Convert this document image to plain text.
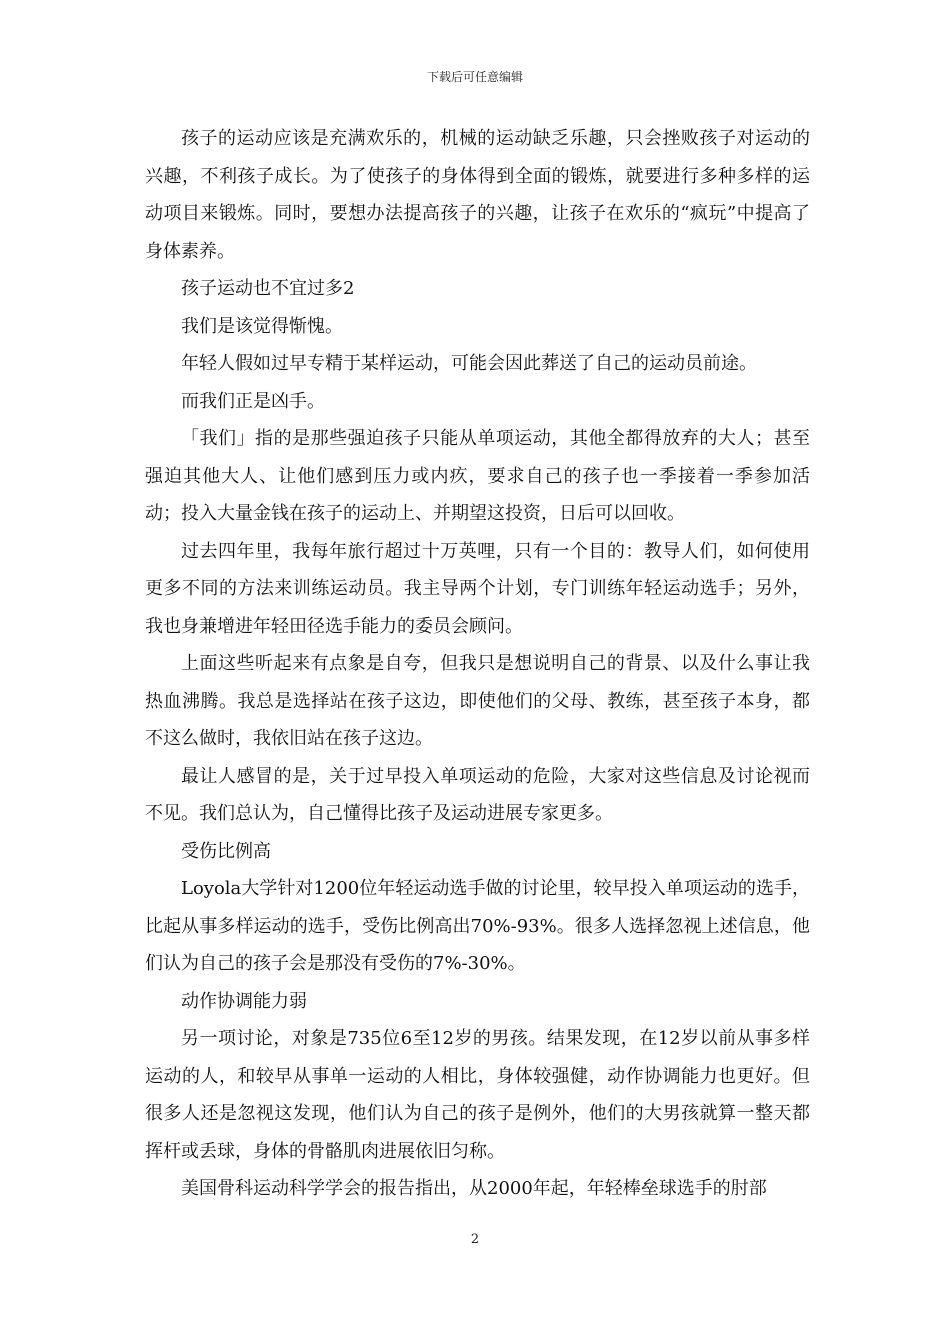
下载后可任意编辑

孩子的运动应该是充满欢乐的，机械的运动缺乏乐趣，只会挫败孩子对运动的兴趣，不利孩子成长。为了使孩子的身体得到全面的锻炼，就要进行多种多样的运动项目来锻炼。同时，要想办法提高孩子的兴趣，让孩子在欢乐的“疯玩”中提高了身体素养。

孩子运动也不宜过多2

我们是该觉得惭愧。

年轻人假如过早专精于某样运动，可能会因此葬送了自己的运动员前途。

而我们正是凶手。

「我们」指的是那些强迫孩子只能从单项运动，其他全都得放弃的大人；甚至强迫其他大人、让他们感到压力或内疚，要求自己的孩子也一季接着一季参加活动；投入大量金钱在孩子的运动上、并期望这投资，日后可以回收。

过去四年里，我每年旅行超过十万英哩，只有一个目的：教导人们，如何使用更多不同的方法来训练运动员。我主导两个计划，专门训练年轻运动选手；另外，我也身兼增进年轻田径选手能力的委员会顾问。

上面这些听起来有点象是自夸，但我只是想说明自己的背景、以及什么事让我热血沸腾。我总是选择站在孩子这边，即使他们的父母、教练，甚至孩子本身，都不这么做时，我依旧站在孩子这边。

最让人感冒的是，关于过早投入单项运动的危险，大家对这些信息及讨论视而不见。我们总认为，自己懂得比孩子及运动进展专家更多。

受伤比例高

Loyola大学针对1200位年轻运动选手做的讨论里，较早投入单项运动的选手，比起从事多样运动的选手，受伤比例高出70%-93%。很多人选择忽视上述信息，他们认为自己的孩子会是那没有受伤的7%-30%。

动作协调能力弱

另一项讨论，对象是735位6至12岁的男孩。结果发现，在12岁以前从事多样运动的人，和较早从事单一运动的人相比，身体较强健，动作协调能力也更好。但很多人还是忽视这发现，他们认为自己的孩子是例外，他们的大男孩就算一整天都挥杆或丢球，身体的骨骼肌肉进展依旧匀称。

美国骨科运动科学学会的报告指出，从2000年起，年轻棒垒球选手的肘部

2
